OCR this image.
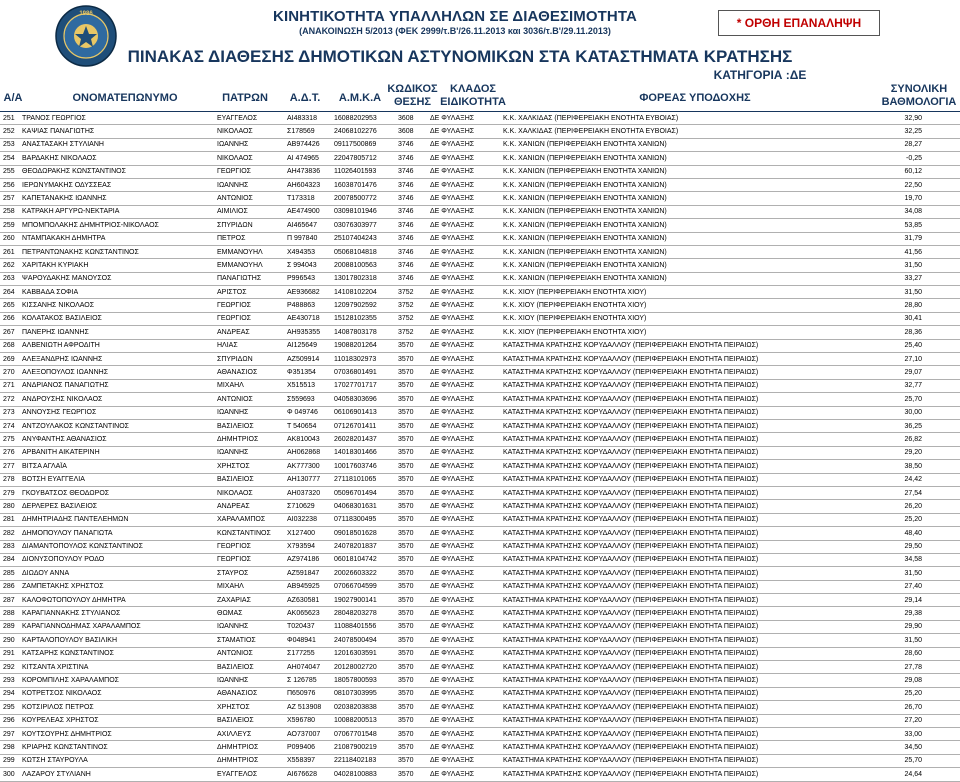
1986	ΚΙΝΗΤΙΚΟΤΗΤΑ ΥΠΑΛΛΗΛΩΝ ΣΕ ΔΙΑΘΕΣΙΜΟΤΗΤΑ
(ΑΝΑΚΟΙΝΩΣΗ 5/2013 (ΦΕΚ 2999/τ.Β'/26.11.2013 και 3036/τ.Β'/29.11.2013)
* ΟΡΘΗ ΕΠΑΝΑΛΗΨΗ
ΠΙΝΑΚΑΣ ΔΙΑΘΕΣΗΣ ΔΗΜΟΤΙΚΩΝ ΑΣΤΥΝΟΜΙΚΩΝ ΣΤΑ ΚΑΤΑΣΤΗΜΑΤΑ ΚΡΑΤΗΣΗΣ
ΚΑΤΗΓΟΡΙΑ :ΔΕ
Α/Α	ΟΝΟΜΑΤΕΠΩΝΥΜΟ	ΠΑΤΡΩΝ	Α.Δ.Τ.	Α.Μ.Κ.Α
ΚΩΔΙΚΟΣ ΘΕΣΗΣ
ΚΛΑΔΟΣ ΕΙΔΙΚΟΤΗΤΑ	ΦΟΡΕΑΣ ΥΠΟΔΟΧΗΣ
ΣΥΝΟΛΙΚΗ ΒΑΘΜΟΛΟΓΙΑ
251	ΤΡΑΝΟΣ ΓΕΩΡΓΙΟΣ	ΕΥΑΓΓΕΛΟΣ	ΑΙ483318	16088202953	3608	ΔΕ ΦΥΛΑΞΗΣ	Κ.Κ. ΧΑΛΚΙΔΑΣ (ΠΕΡΙΦΕΡΕΙΑΚΗ ΕΝΟΤΗΤΑ ΕΥΒΟΙΑΣ)	32,90
252	ΚΑΨΙΑΣ ΠΑΝΑΓΙΩΤΗΣ	ΝΙΚΟΛΑΟΣ	Σ178569	24068102276	3608	ΔΕ ΦΥΛΑΞΗΣ	Κ.Κ. ΧΑΛΚΙΔΑΣ (ΠΕΡΙΦΕΡΕΙΑΚΗ ΕΝΟΤΗΤΑ ΕΥΒΟΙΑΣ)	32,25
253	ΑΝΑΣΤΑΣΑΚΗ ΣΤΥΛΙΑΝΗ	ΙΩΑΝΝΗΣ	ΑΒ974426	09117500869	3746	ΔΕ ΦΥΛΑΞΗΣ	Κ.Κ. ΧΑΝΙΩΝ (ΠΕΡΙΦΕΡΕΙΑΚΗ ΕΝΟΤΗΤΑ ΧΑΝΙΩΝ)	28,27
254	ΒΑΡΔΑΚΗΣ ΝΙΚΟΛΑΟΣ	ΝΙΚΟΛΑΟΣ	ΑΙ 474965	22047805712	3746	ΔΕ ΦΥΛΑΞΗΣ	Κ.Κ. ΧΑΝΙΩΝ (ΠΕΡΙΦΕΡΕΙΑΚΗ ΕΝΟΤΗΤΑ ΧΑΝΙΩΝ)	-0,25
255	ΘΕΟΔΩΡΑΚΗΣ ΚΩΝΣΤΑΝΤΙΝΟΣ	ΓΕΩΡΓΙΟΣ	ΑΗ473836	11026401593	3746	ΔΕ ΦΥΛΑΞΗΣ	Κ.Κ. ΧΑΝΙΩΝ (ΠΕΡΙΦΕΡΕΙΑΚΗ ΕΝΟΤΗΤΑ ΧΑΝΙΩΝ)	60,12
256	ΙΕΡΩΝΥΜΑΚΗΣ ΟΔΥΣΣΕΑΣ	ΙΩΑΝΝΗΣ	ΑΗ604323	16038701476	3746	ΔΕ ΦΥΛΑΞΗΣ	Κ.Κ. ΧΑΝΙΩΝ (ΠΕΡΙΦΕΡΕΙΑΚΗ ΕΝΟΤΗΤΑ ΧΑΝΙΩΝ)	22,50
257	ΚΑΠΕΤΑΝΑΚΗΣ ΙΩΑΝΝΗΣ	ΑΝΤΩΝΙΟΣ	Τ173318	20078500772	3746	ΔΕ ΦΥΛΑΞΗΣ	Κ.Κ. ΧΑΝΙΩΝ (ΠΕΡΙΦΕΡΕΙΑΚΗ ΕΝΟΤΗΤΑ ΧΑΝΙΩΝ)	19,70
258	ΚΑΤΡΑΚΗ ΑΡΓΥΡΩ-ΝΕΚΤΑΡΙΑ	ΑΙΜΙΛΙΟΣ	ΑΕ474900	03098101946	3746	ΔΕ ΦΥΛΑΞΗΣ	Κ.Κ. ΧΑΝΙΩΝ (ΠΕΡΙΦΕΡΕΙΑΚΗ ΕΝΟΤΗΤΑ ΧΑΝΙΩΝ)	34,08
259	ΜΠΟΜΠΟΛΑΚΗΣ ΔΗΜΗΤΡΙΟΣ-ΝΙΚΟΛΑΟΣ	ΣΠΥΡΙΔΩΝ	ΑΙ465647	03076303977	3746	ΔΕ ΦΥΛΑΞΗΣ	Κ.Κ. ΧΑΝΙΩΝ (ΠΕΡΙΦΕΡΕΙΑΚΗ ΕΝΟΤΗΤΑ ΧΑΝΙΩΝ)	53,85
260	ΝΤΑΜΠΑΚΑΚΗ ΔΗΜΗΤΡΑ	ΠΕΤΡΟΣ	Π 997840	25107404243	3746	ΔΕ ΦΥΛΑΞΗΣ	Κ.Κ. ΧΑΝΙΩΝ (ΠΕΡΙΦΕΡΕΙΑΚΗ ΕΝΟΤΗΤΑ ΧΑΝΙΩΝ)	31,79
261	ΠΕΤΡΑΝΤΩΝΑΚΗΣ ΚΩΝΣΤΑΝΤΙΝΟΣ	ΕΜΜΑΝΟΥΗΛ	Χ494353	05068104818	3746	ΔΕ ΦΥΛΑΞΗΣ	Κ.Κ. ΧΑΝΙΩΝ (ΠΕΡΙΦΕΡΕΙΑΚΗ ΕΝΟΤΗΤΑ ΧΑΝΙΩΝ)	41,56
262	ΧΑΡΙΤΑΚΗ ΚΥΡΙΑΚΗ	ΕΜΜΑΝΟΥΗΛ	Σ 994043	20088100563	3746	ΔΕ ΦΥΛΑΞΗΣ	Κ.Κ. ΧΑΝΙΩΝ (ΠΕΡΙΦΕΡΕΙΑΚΗ ΕΝΟΤΗΤΑ ΧΑΝΙΩΝ)	31,50
263	ΨΑΡΟΥΔΑΚΗΣ ΜΑΝΟΥΣΟΣ	ΠΑΝΑΓΙΩΤΗΣ	Ρ996543	13017802318	3746	ΔΕ ΦΥΛΑΞΗΣ	Κ.Κ. ΧΑΝΙΩΝ (ΠΕΡΙΦΕΡΕΙΑΚΗ ΕΝΟΤΗΤΑ ΧΑΝΙΩΝ)	33,27
264	ΚΑΒΒΑΔΑ ΣΟΦΙΑ	ΑΡΙΣΤΟΣ	ΑΕ936682	14108102204	3752	ΔΕ ΦΥΛΑΞΗΣ	Κ.Κ. ΧΙΟΥ (ΠΕΡΙΦΕΡΕΙΑΚΗ ΕΝΟΤΗΤΑ ΧΙΟΥ)	31,50
265	ΚΙΣΣΑΝΗΣ ΝΙΚΟΛΑΟΣ	ΓΕΩΡΓΙΟΣ	Ρ488863	12097902592	3752	ΔΕ ΦΥΛΑΞΗΣ	Κ.Κ. ΧΙΟΥ (ΠΕΡΙΦΕΡΕΙΑΚΗ ΕΝΟΤΗΤΑ ΧΙΟΥ)	28,80
266	ΚΟΛΑΤΑΚΟΣ ΒΑΣΙΛΕΙΟΣ	ΓΕΩΡΓΙΟΣ	ΑΕ430718	15128102355	3752	ΔΕ ΦΥΛΑΞΗΣ	Κ.Κ. ΧΙΟΥ (ΠΕΡΙΦΕΡΕΙΑΚΗ ΕΝΟΤΗΤΑ ΧΙΟΥ)	30,41
267	ΠΑΝΕΡΗΣ ΙΩΑΝΝΗΣ	ΑΝΔΡΕΑΣ	ΑΗ935355	14087803178	3752	ΔΕ ΦΥΛΑΞΗΣ	Κ.Κ. ΧΙΟΥ (ΠΕΡΙΦΕΡΕΙΑΚΗ ΕΝΟΤΗΤΑ ΧΙΟΥ)	28,36
268	ΑΛΒΕΝΙΩΤΗ ΑΦΡΟΔΙΤΗ	ΗΛΙΑΣ	ΑΙ125649	19088201264	3570	ΔΕ ΦΥΛΑΞΗΣ	ΚΑΤΑΣΤΗΜΑ ΚΡΑΤΗΣΗΣ ΚΟΡΥΔΑΛΛΟΥ (ΠΕΡΙΦΕΡΕΙΑΚΗ ΕΝΟΤΗΤΑ ΠΕΙΡΑΙΩΣ)	25,40
269	ΑΛΕΞΑΝΔΡΗΣ ΙΩΑΝΝΗΣ	ΣΠΥΡΙΔΩΝ	ΑΖ509914	11018302973	3570	ΔΕ ΦΥΛΑΞΗΣ	ΚΑΤΑΣΤΗΜΑ ΚΡΑΤΗΣΗΣ ΚΟΡΥΔΑΛΛΟΥ (ΠΕΡΙΦΕΡΕΙΑΚΗ ΕΝΟΤΗΤΑ ΠΕΙΡΑΙΩΣ)	27,10
270	ΑΛΕΞΟΠΟΥΛΟΣ ΙΩΑΝΝΗΣ	ΑΘΑΝΑΣΙΟΣ	Φ351354	07036801491	3570	ΔΕ ΦΥΛΑΞΗΣ	ΚΑΤΑΣΤΗΜΑ ΚΡΑΤΗΣΗΣ ΚΟΡΥΔΑΛΛΟΥ (ΠΕΡΙΦΕΡΕΙΑΚΗ ΕΝΟΤΗΤΑ ΠΕΙΡΑΙΩΣ)	29,07
271	ΑΝΔΡΙΑΝΟΣ ΠΑΝΑΓΙΩΤΗΣ	ΜΙΧΑΗΛ	Χ515513	17027701717	3570	ΔΕ ΦΥΛΑΞΗΣ	ΚΑΤΑΣΤΗΜΑ ΚΡΑΤΗΣΗΣ ΚΟΡΥΔΑΛΛΟΥ (ΠΕΡΙΦΕΡΕΙΑΚΗ ΕΝΟΤΗΤΑ ΠΕΙΡΑΙΩΣ)	32,77
272	ΑΝΔΡΟΥΣΗΣ ΝΙΚΟΛΑΟΣ	ΑΝΤΩΝΙΟΣ	Σ559693	04058303696	3570	ΔΕ ΦΥΛΑΞΗΣ	ΚΑΤΑΣΤΗΜΑ ΚΡΑΤΗΣΗΣ ΚΟΡΥΔΑΛΛΟΥ (ΠΕΡΙΦΕΡΕΙΑΚΗ ΕΝΟΤΗΤΑ ΠΕΙΡΑΙΩΣ)	25,70
273	ΑΝΝΟΥΣΗΣ ΓΕΩΡΓΙΟΣ	ΙΩΑΝΝΗΣ	Φ 049746	06106901413	3570	ΔΕ ΦΥΛΑΞΗΣ	ΚΑΤΑΣΤΗΜΑ ΚΡΑΤΗΣΗΣ ΚΟΡΥΔΑΛΛΟΥ (ΠΕΡΙΦΕΡΕΙΑΚΗ ΕΝΟΤΗΤΑ ΠΕΙΡΑΙΩΣ)	30,00
274	ΑΝΤΖΟΥΛΑΚΟΣ ΚΩΝΣΤΑΝΤΙΝΟΣ	ΒΑΣΙΛΕΙΟΣ	Τ 540654	07126701411	3570	ΔΕ ΦΥΛΑΞΗΣ	ΚΑΤΑΣΤΗΜΑ ΚΡΑΤΗΣΗΣ ΚΟΡΥΔΑΛΛΟΥ (ΠΕΡΙΦΕΡΕΙΑΚΗ ΕΝΟΤΗΤΑ ΠΕΙΡΑΙΩΣ)	36,25
275	ΑΝΥΦΑΝΤΗΣ ΑΘΑΝΑΣΙΟΣ	ΔΗΜΗΤΡΙΟΣ	ΑΚ810043	26028201437	3570	ΔΕ ΦΥΛΑΞΗΣ	ΚΑΤΑΣΤΗΜΑ ΚΡΑΤΗΣΗΣ ΚΟΡΥΔΑΛΛΟΥ (ΠΕΡΙΦΕΡΕΙΑΚΗ ΕΝΟΤΗΤΑ ΠΕΙΡΑΙΩΣ)	26,82
276	ΑΡΒΑΝΙΤΗ ΑΙΚΑΤΕΡΙΝΗ	ΙΩΑΝΝΗΣ	ΑΗ062868	14018301466	3570	ΔΕ ΦΥΛΑΞΗΣ	ΚΑΤΑΣΤΗΜΑ ΚΡΑΤΗΣΗΣ ΚΟΡΥΔΑΛΛΟΥ (ΠΕΡΙΦΕΡΕΙΑΚΗ ΕΝΟΤΗΤΑ ΠΕΙΡΑΙΩΣ)	29,20
277	ΒΙΤΣΑ ΑΓΛΑΪΑ	ΧΡΗΣΤΟΣ	ΑΚ777300	10017603746	3570	ΔΕ ΦΥΛΑΞΗΣ	ΚΑΤΑΣΤΗΜΑ ΚΡΑΤΗΣΗΣ ΚΟΡΥΔΑΛΛΟΥ (ΠΕΡΙΦΕΡΕΙΑΚΗ ΕΝΟΤΗΤΑ ΠΕΙΡΑΙΩΣ)	38,50
278	ΒΟΤΣΗ ΕΥΑΓΓΕΛΙΑ	ΒΑΣΙΛΕΙΟΣ	ΑΗ130777	27118101065	3570	ΔΕ ΦΥΛΑΞΗΣ	ΚΑΤΑΣΤΗΜΑ ΚΡΑΤΗΣΗΣ ΚΟΡΥΔΑΛΛΟΥ (ΠΕΡΙΦΕΡΕΙΑΚΗ ΕΝΟΤΗΤΑ ΠΕΙΡΑΙΩΣ)	24,42
279	ΓΚΟΥΒΑΤΣΟΣ ΘΕΟΔΩΡΟΣ	ΝΙΚΟΛΑΟΣ	ΑΗ037320	05096701494	3570	ΔΕ ΦΥΛΑΞΗΣ	ΚΑΤΑΣΤΗΜΑ ΚΡΑΤΗΣΗΣ ΚΟΡΥΔΑΛΛΟΥ (ΠΕΡΙΦΕΡΕΙΑΚΗ ΕΝΟΤΗΤΑ ΠΕΙΡΑΙΩΣ)	27,54
280	ΔΕΡΛΕΡΕΣ ΒΑΣΙΛΕΙΟΣ	ΑΝΔΡΕΑΣ	Σ710629	04068301631	3570	ΔΕ ΦΥΛΑΞΗΣ	ΚΑΤΑΣΤΗΜΑ ΚΡΑΤΗΣΗΣ ΚΟΡΥΔΑΛΛΟΥ (ΠΕΡΙΦΕΡΕΙΑΚΗ ΕΝΟΤΗΤΑ ΠΕΙΡΑΙΩΣ)	26,20
281	ΔΗΜΗΤΡΙΑΔΗΣ ΠΑΝΤΕΛΕΗΜΩΝ	ΧΑΡΑΛΑΜΠΟΣ	ΑΙ032238	07118300495	3570	ΔΕ ΦΥΛΑΞΗΣ	ΚΑΤΑΣΤΗΜΑ ΚΡΑΤΗΣΗΣ ΚΟΡΥΔΑΛΛΟΥ (ΠΕΡΙΦΕΡΕΙΑΚΗ ΕΝΟΤΗΤΑ ΠΕΙΡΑΙΩΣ)	25,20
282	ΔΗΜΟΠΟΥΛΟΥ ΠΑΝΑΓΙΩΤΑ	ΚΩΝΣΤΑΝΤΙΝΟΣ	Χ127400	09018501628	3570	ΔΕ ΦΥΛΑΞΗΣ	ΚΑΤΑΣΤΗΜΑ ΚΡΑΤΗΣΗΣ ΚΟΡΥΔΑΛΛΟΥ (ΠΕΡΙΦΕΡΕΙΑΚΗ ΕΝΟΤΗΤΑ ΠΕΙΡΑΙΩΣ)	48,40
283	ΔΙΑΜΑΝΤΟΠΟΥΛΟΣ ΚΩΝΣΤΑΝΤΙΝΟΣ	ΓΕΩΡΓΙΟΣ	Χ793594	24078201837	3570	ΔΕ ΦΥΛΑΞΗΣ	ΚΑΤΑΣΤΗΜΑ ΚΡΑΤΗΣΗΣ ΚΟΡΥΔΑΛΛΟΥ (ΠΕΡΙΦΕΡΕΙΑΚΗ ΕΝΟΤΗΤΑ ΠΕΙΡΑΙΩΣ)	29,50
284	ΔΙΟΝΥΣΟΠΟΥΛΟΥ ΡΟΔΟ	ΓΕΩΡΓΙΟΣ	ΑΖ974186	06018104742	3570	ΔΕ ΦΥΛΑΞΗΣ	ΚΑΤΑΣΤΗΜΑ ΚΡΑΤΗΣΗΣ ΚΟΡΥΔΑΛΛΟΥ (ΠΕΡΙΦΕΡΕΙΑΚΗ ΕΝΟΤΗΤΑ ΠΕΙΡΑΙΩΣ)	34,58
285	ΔΙΩΔΟΥ ΑΝΝΑ	ΣΤΑΥΡΟΣ	ΑΖ591847	20026603322	3570	ΔΕ ΦΥΛΑΞΗΣ	ΚΑΤΑΣΤΗΜΑ ΚΡΑΤΗΣΗΣ ΚΟΡΥΔΑΛΛΟΥ (ΠΕΡΙΦΕΡΕΙΑΚΗ ΕΝΟΤΗΤΑ ΠΕΙΡΑΙΩΣ)	31,50
286	ΖΑΜΠΕΤΑΚΗΣ ΧΡΗΣΤΟΣ	ΜΙΧΑΗΛ	ΑΒ945925	07066704599	3570	ΔΕ ΦΥΛΑΞΗΣ	ΚΑΤΑΣΤΗΜΑ ΚΡΑΤΗΣΗΣ ΚΟΡΥΔΑΛΛΟΥ (ΠΕΡΙΦΕΡΕΙΑΚΗ ΕΝΟΤΗΤΑ ΠΕΙΡΑΙΩΣ)	27,40
287	ΚΑΛΟΦΩΤΟΠΟΥΛΟΥ ΔΗΜΗΤΡΑ	ΖΑΧΑΡΙΑΣ	ΑΖ630581	19027900141	3570	ΔΕ ΦΥΛΑΞΗΣ	ΚΑΤΑΣΤΗΜΑ ΚΡΑΤΗΣΗΣ ΚΟΡΥΔΑΛΛΟΥ (ΠΕΡΙΦΕΡΕΙΑΚΗ ΕΝΟΤΗΤΑ ΠΕΙΡΑΙΩΣ)	29,14
288	ΚΑΡΑΓΙΑΝΝΑΚΗΣ ΣΤΥΛΙΑΝΟΣ	ΘΩΜΑΣ	ΑΚ065623	28048203278	3570	ΔΕ ΦΥΛΑΞΗΣ	ΚΑΤΑΣΤΗΜΑ ΚΡΑΤΗΣΗΣ ΚΟΡΥΔΑΛΛΟΥ (ΠΕΡΙΦΕΡΕΙΑΚΗ ΕΝΟΤΗΤΑ ΠΕΙΡΑΙΩΣ)	29,38
289	ΚΑΡΑΓΙΑΝΝΟΔΗΜΑΣ ΧΑΡΑΛΑΜΠΟΣ	ΙΩΑΝΝΗΣ	Τ020437	11088401556	3570	ΔΕ ΦΥΛΑΞΗΣ	ΚΑΤΑΣΤΗΜΑ ΚΡΑΤΗΣΗΣ ΚΟΡΥΔΑΛΛΟΥ (ΠΕΡΙΦΕΡΕΙΑΚΗ ΕΝΟΤΗΤΑ ΠΕΙΡΑΙΩΣ)	29,90
290	ΚΑΡΤΑΛΟΠΟΥΛΟΥ ΒΑΣΙΛΙΚΗ	ΣΤΑΜΑΤΙΟΣ	Φ048941	24078500494	3570	ΔΕ ΦΥΛΑΞΗΣ	ΚΑΤΑΣΤΗΜΑ ΚΡΑΤΗΣΗΣ ΚΟΡΥΔΑΛΛΟΥ (ΠΕΡΙΦΕΡΕΙΑΚΗ ΕΝΟΤΗΤΑ ΠΕΙΡΑΙΩΣ)	31,50
291	ΚΑΤΣΑΡΗΣ ΚΩΝΣΤΑΝΤΙΝΟΣ	ΑΝΤΩΝΙΟΣ	Σ177255	12016303591	3570	ΔΕ ΦΥΛΑΞΗΣ	ΚΑΤΑΣΤΗΜΑ ΚΡΑΤΗΣΗΣ ΚΟΡΥΔΑΛΛΟΥ (ΠΕΡΙΦΕΡΕΙΑΚΗ ΕΝΟΤΗΤΑ ΠΕΙΡΑΙΩΣ)	28,60
292	ΚΙΤΣΑΝΤΑ ΧΡΙΣΤΙΝΑ	ΒΑΣΙΛΕΙΟΣ	ΑΗ074047	20128002720	3570	ΔΕ ΦΥΛΑΞΗΣ	ΚΑΤΑΣΤΗΜΑ ΚΡΑΤΗΣΗΣ ΚΟΡΥΔΑΛΛΟΥ (ΠΕΡΙΦΕΡΕΙΑΚΗ ΕΝΟΤΗΤΑ ΠΕΙΡΑΙΩΣ)	27,78
293	ΚΟΡΟΜΠΙΛΗΣ ΧΑΡΑΛΑΜΠΟΣ	ΙΩΑΝΝΗΣ	Σ 126785	18057800593	3570	ΔΕ ΦΥΛΑΞΗΣ	ΚΑΤΑΣΤΗΜΑ ΚΡΑΤΗΣΗΣ ΚΟΡΥΔΑΛΛΟΥ (ΠΕΡΙΦΕΡΕΙΑΚΗ ΕΝΟΤΗΤΑ ΠΕΙΡΑΙΩΣ)	29,08
294	ΚΟΤΡΕΤΣΟΣ ΝΙΚΟΛΑΟΣ	ΑΘΑΝΑΣΙΟΣ	Π650976	08107303995	3570	ΔΕ ΦΥΛΑΞΗΣ	ΚΑΤΑΣΤΗΜΑ ΚΡΑΤΗΣΗΣ ΚΟΡΥΔΑΛΛΟΥ (ΠΕΡΙΦΕΡΕΙΑΚΗ ΕΝΟΤΗΤΑ ΠΕΙΡΑΙΩΣ)	25,20
295	ΚΟΤΣΙΡΙΛΟΣ ΠΕΤΡΟΣ	ΧΡΗΣΤΟΣ	ΑΖ 513908	02038203838	3570	ΔΕ ΦΥΛΑΞΗΣ	ΚΑΤΑΣΤΗΜΑ ΚΡΑΤΗΣΗΣ ΚΟΡΥΔΑΛΛΟΥ (ΠΕΡΙΦΕΡΕΙΑΚΗ ΕΝΟΤΗΤΑ ΠΕΙΡΑΙΩΣ)	26,70
296	ΚΟΥΡΕΛΕΑΣ ΧΡΗΣΤΟΣ	ΒΑΣΙΛΕΙΟΣ	Χ596780	10088200513	3570	ΔΕ ΦΥΛΑΞΗΣ	ΚΑΤΑΣΤΗΜΑ ΚΡΑΤΗΣΗΣ ΚΟΡΥΔΑΛΛΟΥ (ΠΕΡΙΦΕΡΕΙΑΚΗ ΕΝΟΤΗΤΑ ΠΕΙΡΑΙΩΣ)	27,20
297	ΚΟΥΤΣΟΥΡΗΣ ΔΗΜΗΤΡΙΟΣ	ΑΧΙΛΛΕΥΣ	ΑΟ737007	07067701548	3570	ΔΕ ΦΥΛΑΞΗΣ	ΚΑΤΑΣΤΗΜΑ ΚΡΑΤΗΣΗΣ ΚΟΡΥΔΑΛΛΟΥ (ΠΕΡΙΦΕΡΕΙΑΚΗ ΕΝΟΤΗΤΑ ΠΕΙΡΑΙΩΣ)	33,00
298	ΚΡΙΑΡΗΣ ΚΩΝΣΤΑΝΤΙΝΟΣ	ΔΗΜΗΤΡΙΟΣ	Ρ099406	21087900219	3570	ΔΕ ΦΥΛΑΞΗΣ	ΚΑΤΑΣΤΗΜΑ ΚΡΑΤΗΣΗΣ ΚΟΡΥΔΑΛΛΟΥ (ΠΕΡΙΦΕΡΕΙΑΚΗ ΕΝΟΤΗΤΑ ΠΕΙΡΑΙΩΣ)	34,50
299	ΚΩΤΣΗ ΣΤΑΥΡΟΥΛΑ	ΔΗΜΗΤΡΙΟΣ	Χ558397	22118402183	3570	ΔΕ ΦΥΛΑΞΗΣ	ΚΑΤΑΣΤΗΜΑ ΚΡΑΤΗΣΗΣ ΚΟΡΥΔΑΛΛΟΥ (ΠΕΡΙΦΕΡΕΙΑΚΗ ΕΝΟΤΗΤΑ ΠΕΙΡΑΙΩΣ)	25,70
300	ΛΑΖΑΡΟΥ ΣΤΥΛΙΑΝΗ	ΕΥΑΓΓΕΛΟΣ	ΑΙ676628	04028100883	3570	ΔΕ ΦΥΛΑΞΗΣ	ΚΑΤΑΣΤΗΜΑ ΚΡΑΤΗΣΗΣ ΚΟΡΥΔΑΛΛΟΥ (ΠΕΡΙΦΕΡΕΙΑΚΗ ΕΝΟΤΗΤΑ ΠΕΙΡΑΙΩΣ)	24,64
